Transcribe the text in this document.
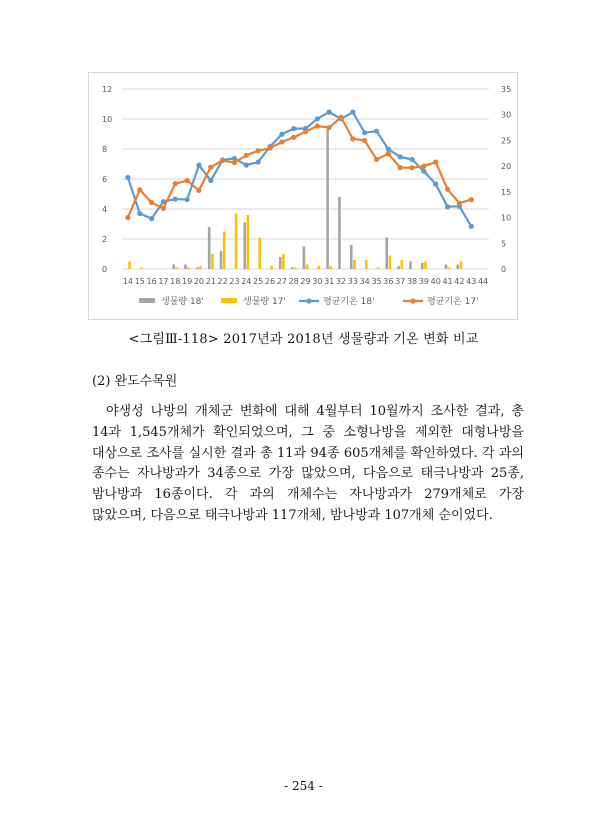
0
2
4
6
8
10
12
0
5
10
15
20
25
30
35
14 15 16 17 18 19 20 21 22 23 24 25 26 27 28 29 30 31 32 33 34 35 36 37 38 39 40 41 42 43 44
생물량 18'	생물량 17'	평균기온 18'	평균기온 17'
<그림Ⅲ-118> 2017년과 2018년 생물량과 기온 변화 비교
(2) 완도수목원

야생성 나방의 개체군 변화에 대해 4월부터 10월까지 조사한 결과, 총 14과 1,545개체가 확인되었으며, 그 중 소형나방을 제외한 대형나방을 대상으로 조사를 실시한 결과 총 11과 94종 605개체를 확인하였다. 각 과의 종수는 자나방과가 34종으로 가장 많았으며, 다음으로 태극나방과 25종, 밤나방과 16종이다. 각 과의 개체수는 자나방과가 279개체로 가장 많았으며, 다음으로 태극나방과 117개체, 밤나방과 107개체 순이었다.

- 254 -
